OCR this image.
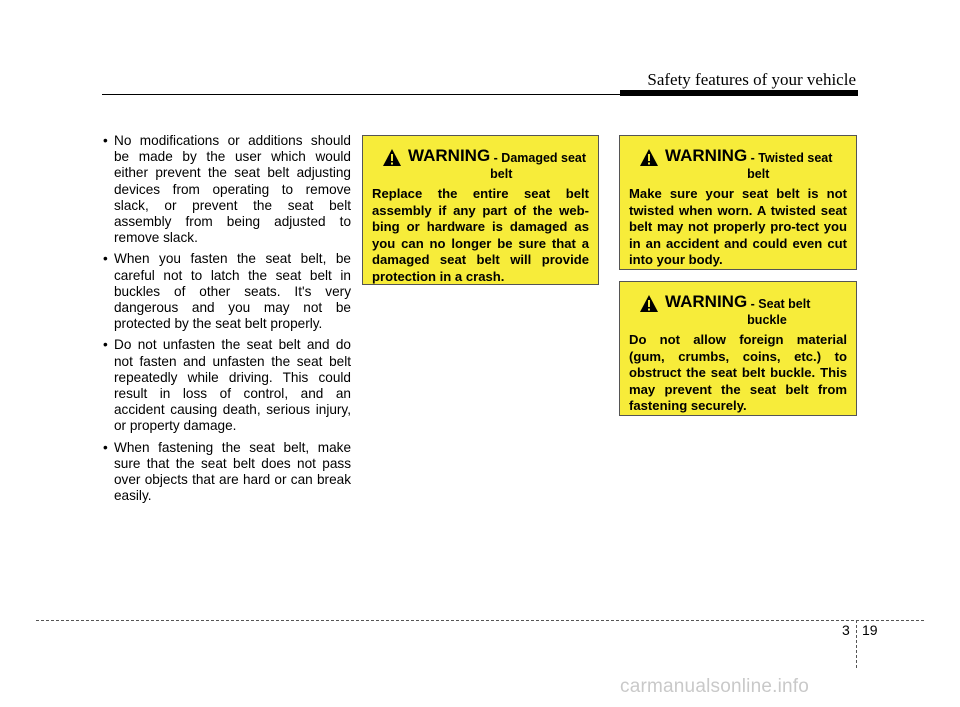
Safety features of your vehicle
• No modifications or additions should be made by the user which would either prevent the seat belt adjusting devices from operating to remove slack, or prevent the seat belt assembly from being adjusted to remove slack.
• When you fasten the seat belt, be careful not to latch the seat belt in buckles of other seats. It's very dangerous and you may not be protected by the seat belt properly.
• Do not unfasten the seat belt and do not fasten and unfasten the seat belt repeatedly while driving. This could result in loss of control, and an accident causing death, serious injury, or property damage.
• When fastening the seat belt, make sure that the seat belt does not pass over objects that are hard or can break easily.
WARNING - Damaged seat belt
Replace the entire seat belt assembly if any part of the web-bing or hardware is damaged as you can no longer be sure that a damaged seat belt will provide protection in a crash.
WARNING - Twisted seat belt
Make sure your seat belt is not twisted when worn. A twisted seat belt may not properly pro-tect you in an accident and could even cut into your body.
WARNING - Seat belt buckle
Do not allow foreign material (gum, crumbs, coins, etc.) to obstruct the seat belt buckle. This may prevent the seat belt from fastening securely.
3 19
carmanualsonline.info
